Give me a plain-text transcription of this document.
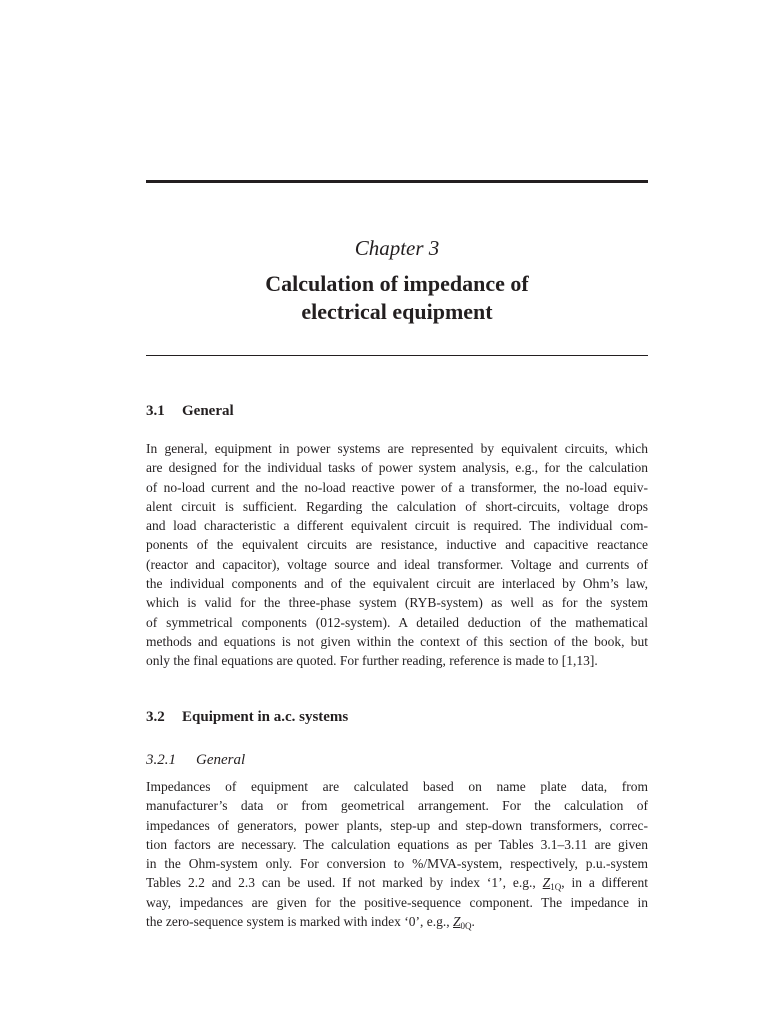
Chapter 3
Calculation of impedance of
electrical equipment
3.1 General
In general, equipment in power systems are represented by equivalent circuits, which
are designed for the individual tasks of power system analysis, e.g., for the calculation
of no-load current and the no-load reactive power of a transformer, the no-load equiv-
alent circuit is sufficient. Regarding the calculation of short-circuits, voltage drops
and load characteristic a different equivalent circuit is required. The individual com-
ponents of the equivalent circuits are resistance, inductive and capacitive reactance
(reactor and capacitor), voltage source and ideal transformer. Voltage and currents of
the individual components and of the equivalent circuit are interlaced by Ohm’s law,
which is valid for the three-phase system (RYB-system) as well as for the system
of symmetrical components (012-system). A detailed deduction of the mathematical
methods and equations is not given within the context of this section of the book, but
only the final equations are quoted. For further reading, reference is made to [1,13].
3.2 Equipment in a.c. systems
3.2.1 General
Impedances of equipment are calculated based on name plate data, from
manufacturer’s data or from geometrical arrangement. For the calculation of
impedances of generators, power plants, step-up and step-down transformers, correc-
tion factors are necessary. The calculation equations as per Tables 3.1–3.11 are given
in the Ohm-system only. For conversion to %/MVA-system, respectively, p.u.-system
Tables 2.2 and 2.3 can be used. If not marked by index ‘1’, e.g., $Z_{1Q}$, in a different
way, impedances are given for the positive-sequence component. The impedance in
the zero-sequence system is marked with index ‘0’, e.g., $Z_{0Q}$.
